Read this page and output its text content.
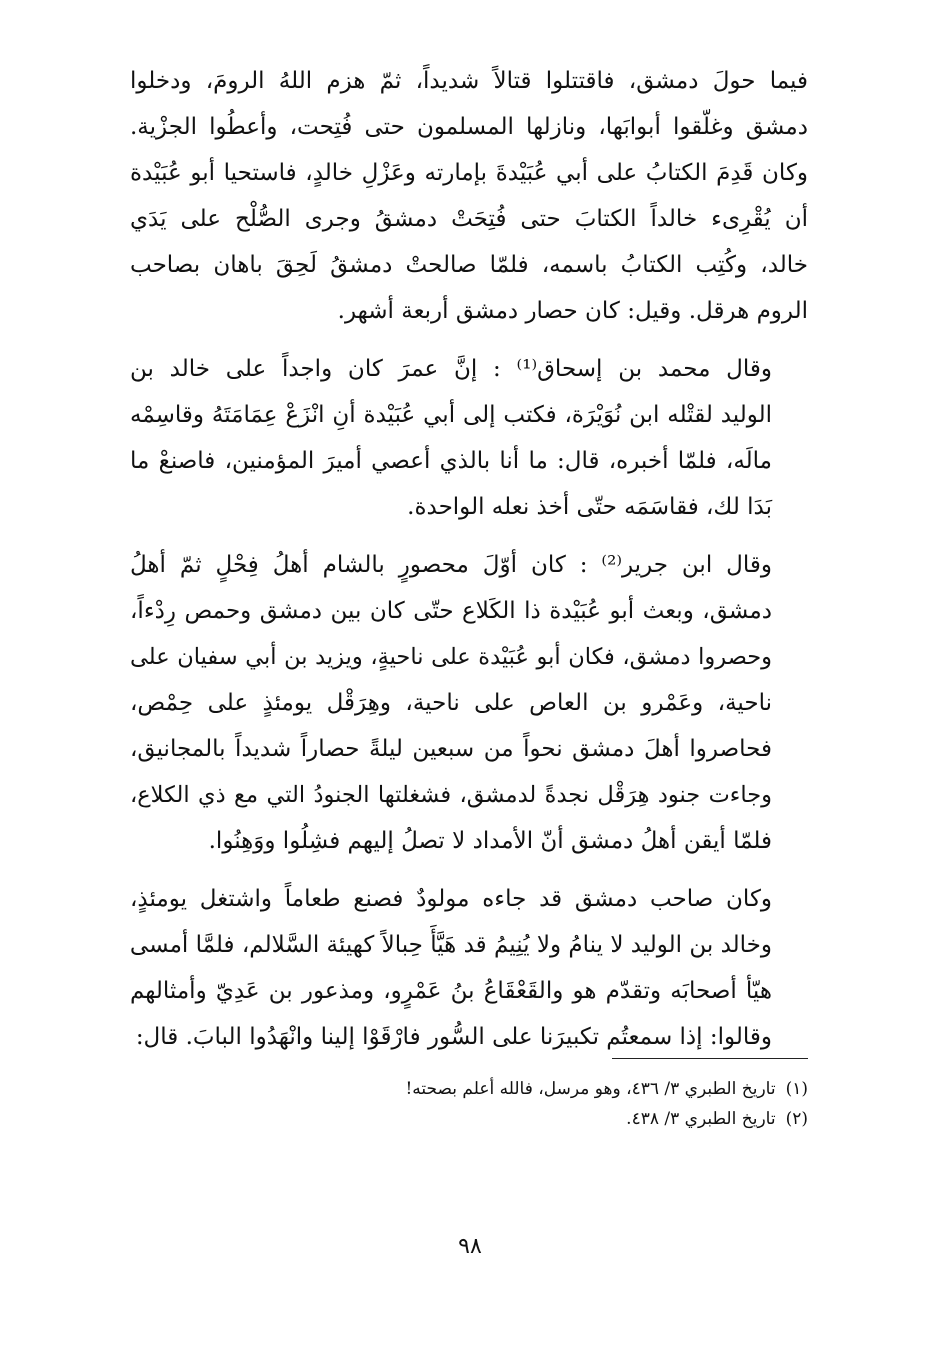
فيما حولَ دمشق، فاقتتلوا قتالاً شديداً، ثمّ هزم اللهُ الرومَ، ودخلوا
دمشق وغلّقوا أبوابَها، ونازلها المسلمون حتى فُتِحت، وأعطُوا الجزْية.
وكان قَدِمَ الكتابُ على أبي عُبَيْدةَ بإمارته وعَزْلِ خالدٍ، فاستحيا أبو عُبَيْدة
أن يُقْرِىء خالداً الكتابَ حتى فُتِحَتْ دمشقُ وجرى الصُّلْح على يَدَي
خالد، وكُتِب الكتابُ باسمه، فلمّا صالحتْ دمشقُ لَحِقَ باهان بصاحب
الروم هرقل. وقيل: كان حصار دمشق أربعة أشهر.

وقال محمد بن إسحاق⁽¹⁾ : إنَّ عمرَ كان واجداً على خالد بن
الوليد لقتْله ابن نُوَيْرَة، فكتب إلى أبي عُبَيْدة أنِ انْزَعْ عِمَامَتَهُ وقاسِمْه
مالَه، فلمّا أخبره، قال: ما أنا بالذي أعصي أميرَ المؤمنين، فاصنعْ ما
بَدَا لك، فقاسَمَه حتّى أخذ نعله الواحدة.

وقال ابن جرير⁽²⁾ : كان أوّلَ محصورٍ بالشام أهلُ فِحْلٍ ثمّ أهلُ
دمشق، وبعث أبو عُبَيْدة ذا الكَلاع حتّى كان بين دمشق وحمص رِدْءاً،
وحصروا دمشق، فكان أبو عُبَيْدة على ناحيةٍ، ويزيد بن أبي سفيان على
ناحية، وعَمْرو بن العاص على ناحية، وهِرَقْل يومئذٍ على حِمْص،
فحاصروا أهلَ دمشق نحواً من سبعين ليلةً حصاراً شديداً بالمجانيق،
وجاءت جنود هِرَقْل نجدةً لدمشق، فشغلتها الجنودُ التي مع ذي الكلاع،
فلمّا أيقن أهلُ دمشق أنّ الأمداد لا تصلُ إليهم فشِلُوا ووَهِنُوا.

وكان صاحب دمشق قد جاءه مولودٌ فصنع طعاماً واشتغل يومئذٍ،
وخالد بن الوليد لا ينامُ ولا يُنِيمُ قد هَيَّأَ حِبالاً كهيئة السَّلالم، فلمَّا أمسى
هيّأ أصحابَه وتقدّم هو والقَعْقَاعُ بنُ عَمْرٍو، ومذعور بن عَدِيّ وأمثالهم
وقالوا: إذا سمعتُم تكبيرَنا على السُّور فارْقَوْا إلينا وانْهَدُوا البابَ. قال:

(١)تاريخ الطبري ٣/ ٤٣٦، وهو مرسل، فالله أعلم بصحته!
(٢)تاريخ الطبري ٣/ ٤٣٨.
٩٨
